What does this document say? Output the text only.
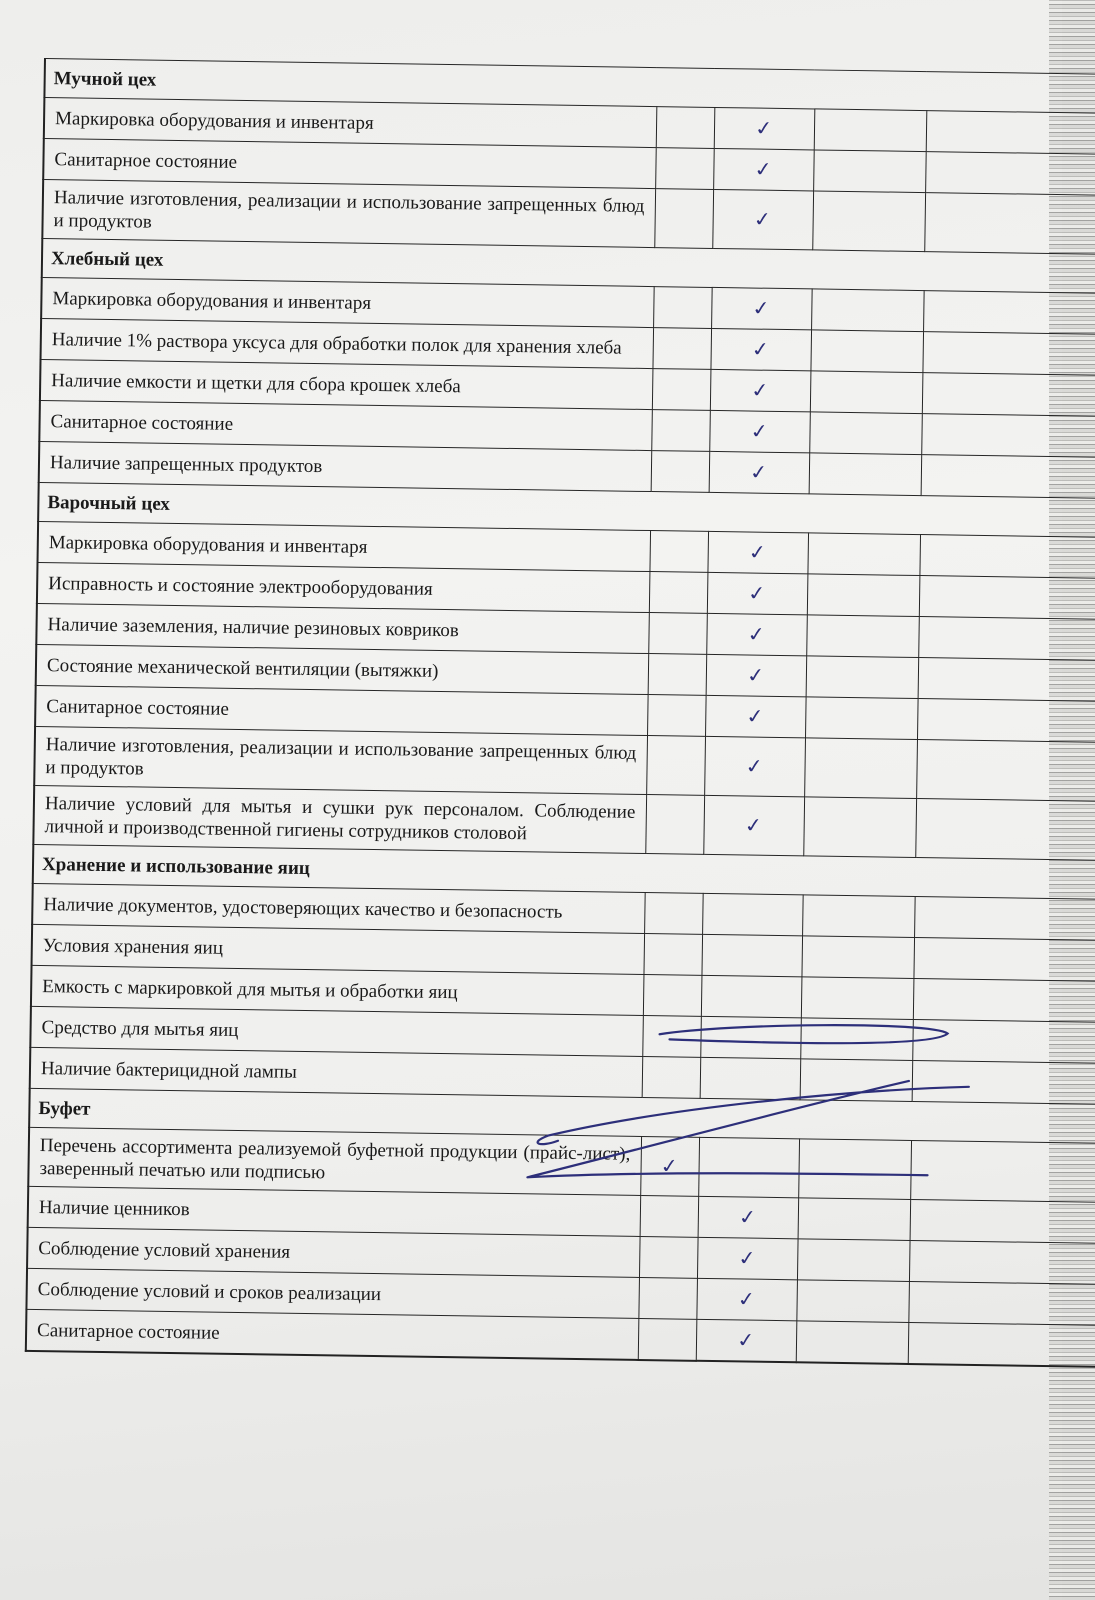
Мучной цех				
Маркировка оборудования и инвентаря		✓		
Санитарное состояние		✓		
Наличие изготовления, реализации и использование запрещенных блюд и продуктов		✓		
Хлебный цех				
Маркировка оборудования и инвентаря		✓		
Наличие 1% раствора уксуса для обработки полок для хранения хлеба		✓		
Наличие емкости и щетки для сбора крошек хлеба		✓		
Санитарное состояние		✓		
Наличие запрещенных продуктов		✓		
Варочный цех				
Маркировка оборудования и инвентаря		✓		
Исправность и состояние электрооборудования		✓		
Наличие заземления, наличие резиновых ковриков		✓		
Состояние механической вентиляции (вытяжки)		✓		
Санитарное состояние		✓		
Наличие изготовления, реализации и использование запрещенных блюд и продуктов		✓		
Наличие условий для мытья и сушки рук персоналом. Соблюдение личной и производственной гигиены сотрудников столовой		✓		
Хранение и использование яиц				
Наличие документов, удостоверяющих качество и безопасность				
Условия хранения яиц				
Емкость с маркировкой для мытья и обработки яиц				
Средство для мытья яиц				
Наличие бактерицидной лампы				
Буфет				
Перечень ассортимента реализуемой буфетной продукции (прайс-лист), заверенный печатью или подписью	✓			
Наличие ценников		✓		
Соблюдение условий хранения		✓		
Соблюдение условий и сроков реализации		✓		
Санитарное состояние		✓		
